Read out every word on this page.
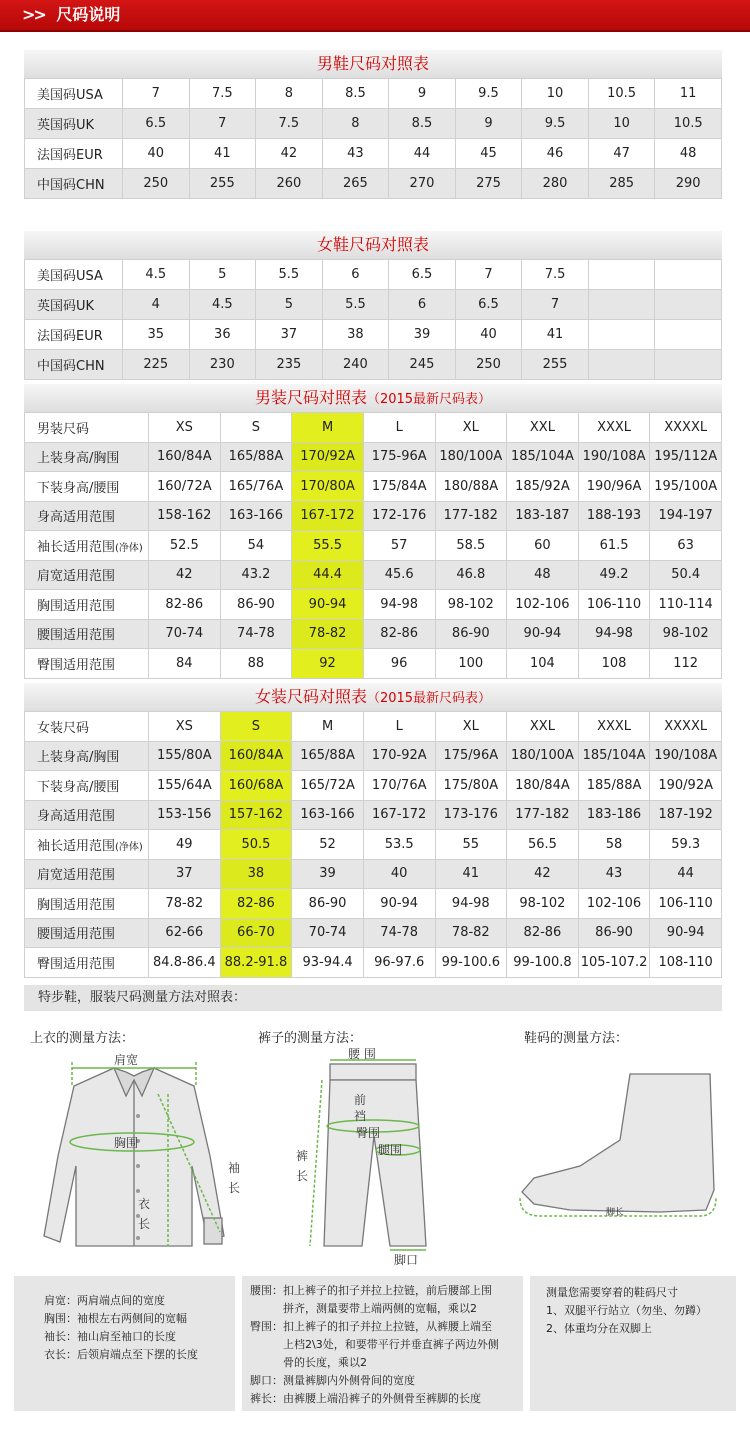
>> 尺码说明
男鞋尺码对照表
美国码USA	7	7.5	8	8.5	9	9.5	10	10.5	11
英国码UK	6.5	7	7.5	8	8.5	9	9.5	10	10.5
法国码EUR	40	41	42	43	44	45	46	47	48
中国码CHN	250	255	260	265	270	275	280	285	290
女鞋尺码对照表
美国码USA	4.5	5	5.5	6	6.5	7	7.5		
英国码UK	4	4.5	5	5.5	6	6.5	7		
法国码EUR	35	36	37	38	39	40	41		
中国码CHN	225	230	235	240	245	250	255		
男装尺码对照表（2015最新尺码表）
男装尺码	XS	S	M	L	XL	XXL	XXXL	XXXXL
上装身高/胸围	160/84A	165/88A	170/92A	175-96A	180/100A	185/104A	190/108A	195/112A
下装身高/腰围	160/72A	165/76A	170/80A	175/84A	180/88A	185/92A	190/96A	195/100A
身高适用范围	158-162	163-166	167-172	172-176	177-182	183-187	188-193	194-197
袖长适用范围(净体)	52.5	54	55.5	57	58.5	60	61.5	63
肩宽适用范围	42	43.2	44.4	45.6	46.8	48	49.2	50.4
胸围适用范围	82-86	86-90	90-94	94-98	98-102	102-106	106-110	110-114
腰围适用范围	70-74	74-78	78-82	82-86	86-90	90-94	94-98	98-102
臀围适用范围	84	88	92	96	100	104	108	112
女装尺码对照表（2015最新尺码表）
女装尺码	XS	S	M	L	XL	XXL	XXXL	XXXXL
上装身高/胸围	155/80A	160/84A	165/88A	170-92A	175/96A	180/100A	185/104A	190/108A
下装身高/腰围	155/64A	160/68A	165/72A	170/76A	175/80A	180/84A	185/88A	190/92A
身高适用范围	153-156	157-162	163-166	167-172	173-176	177-182	183-186	187-192
袖长适用范围(净体)	49	50.5	52	53.5	55	56.5	58	59.3
肩宽适用范围	37	38	39	40	41	42	43	44
胸围适用范围	78-82	82-86	86-90	90-94	94-98	98-102	102-106	106-110
腰围适用范围	62-66	66-70	70-74	74-78	78-82	82-86	86-90	90-94
臀围适用范围	84.8-86.4	88.2-91.8	93-94.4	96-97.6	99-100.6	99-100.8	105-107.2	108-110
特步鞋，服装尺码测量方法对照表：
上衣的测量方法：	裤子的测量方法：	鞋码的测量方法：
肩宽
胸围
袖
长
衣
长
腰 围
前
裆
臀围
腿围
裤
长
脚口
脚长

肩宽：两肩端点间的宽度

胸围：袖根左右两侧间的宽幅

袖长：袖山肩至袖口的长度

衣长：后领肩端点至下摆的长度

腰围：扣上裤子的扣子并拉上拉链，前后腰部上围

　　　拼齐，测量要带上端两侧的宽幅，乘以2

臀围：扣上裤子的扣子并拉上拉链，从裤腰上端至

　　　上档2\3处，和要带平行并垂直裤子两边外侧

　　　骨的长度，乘以2

脚口：测量裤脚内外侧骨间的宽度

裤长：由裤腰上端沿裤子的外侧骨至裤脚的长度

测量您需要穿着的鞋码尺寸

1、双腿平行站立（勿坐、勿蹲）

2、体重均分在双脚上
